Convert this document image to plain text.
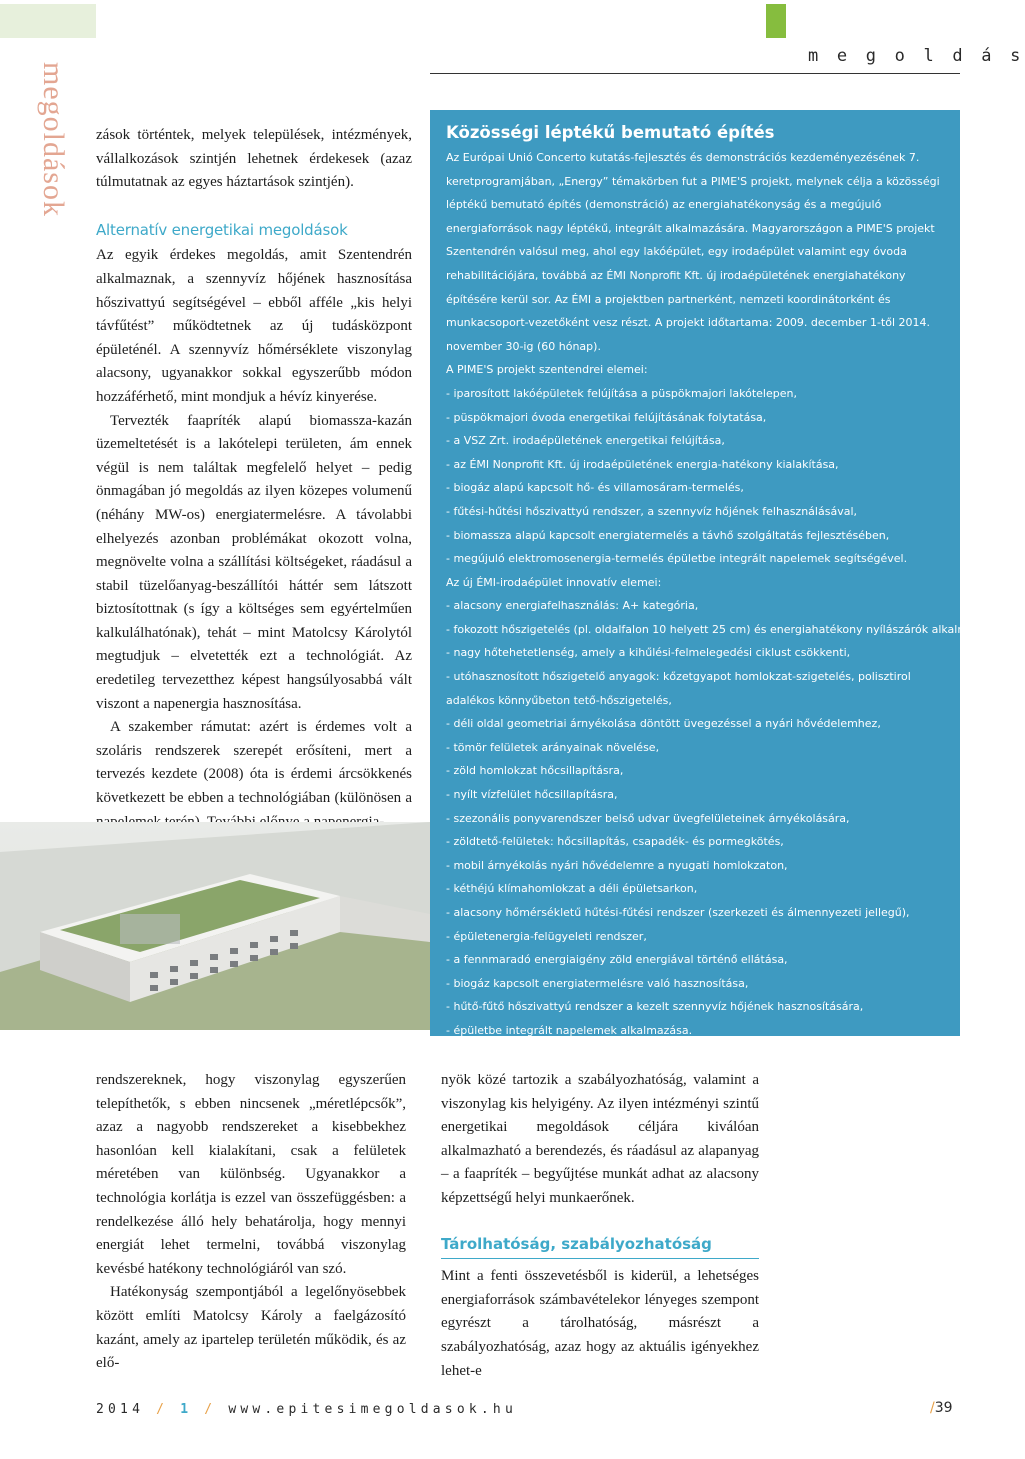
m e g o l d á s
megoldások zások történtek, melyek települések, intézmények, vállalkozások szintjén lehetnek érdekesek (azaz túlmutatnak az egyes háztartások szintjén).

Alternatív energetikai megoldások

Az egyik érdekes megoldás, amit Szentendrén alkalmaznak, a szennyvíz hőjének hasznosítása hőszivattyú segítségével – ebből afféle „kis helyi távfűtést” működtetnek az új tudásközpont épületénél. A szennyvíz hőmérséklete viszonylag alacsony, ugyanakkor sokkal egyszerűbb módon hozzáférhető, mint mondjuk a hévíz kinyerése.

Tervezték faapríték alapú biomassza-kazán üzemeltetését is a lakótelepi területen, ám ennek végül is nem találtak megfelelő helyet – pedig önmagában jó megoldás az ilyen közepes volumenű (néhány MW-os) energiatermelésre. A távolabbi elhelyezés azonban problémákat okozott volna, megnövelte volna a szállítási költségeket, ráadásul a stabil tüzelőanyag-beszállítói háttér sem látszott biztosítottnak (s így a költséges sem egyértelműen kalkulálhatónak), tehát – mint Matolcsy Károlytól megtudjuk – elvetették ezt a technológiát. Az eredetileg tervezetthez képest hangsúlyosabbá vált viszont a napenergia hasznosítása.

A szakember rámutat: azért is érdemes volt a szoláris rendszerek szerepét erősíteni, mert a tervezés kezdete (2008) óta is érdemi árcsökkenés következett be ebben a technológiában (különösen a

Közösségi léptékű bemutató építés

Az Európai Unió Concerto kutatás-fejlesztés és demonstrációs kezdeményezésének 7. keretprogramjában, „Energy” témakörben fut a PIME'S projekt, melynek célja a közösségi léptékű bemutató építés (demonstráció) az energiahatékonyság és a megújuló energiaforrások nagy léptékű, integrált alkalmazására. Magyarországon a PIME'S projekt Szentendrén valósul meg, ahol egy lakóépület, egy irodaépület valamint egy óvoda rehabilitációjára, továbbá az ÉMI Nonprofit Kft. új irodaépületének energiahatékony építésére kerül sor. Az ÉMI a projektben partnerként, nemzeti koordinátorként és munkacsoport-vezetőként vesz részt. A projekt időtartama: 2009. december 1-től 2014. november 30-ig (60 hónap).

A PIME'S projekt szentendrei elemei:

- iparosított lakóépületek felújítása a püspökmajori lakótelepen,

- püspökmajori óvoda energetikai felújításának folytatása,

- a VSZ Zrt. irodaépületének energetikai felújítása,

- az ÉMI Nonprofit Kft. új irodaépületének energia-hatékony kialakítása,

- biogáz alapú kapcsolt hő- és villamosáram-termelés,

- fűtési-hűtési hőszivattyú rendszer, a szennyvíz hőjének felhasználásával,

- biomassza alapú kapcsolt energiatermelés a távhő szolgáltatás fejlesztésében,

- megújuló elektromosenergia-termelés épületbe integrált napelemek segítségével.

Az új ÉMI-irodaépület innovatív elemei:

- alacsony energiafelhasználás: A+ kategória,

- fokozott hőszigetelés (pl. oldalfalon 10 helyett 25 cm) és energiahatékony nyílászárók alkalmazása,

- nagy hőtehetetlenség, amely a kihűlési-felmelegedési ciklust csökkenti,

- utóhasznosított hőszigetelő anyagok: kőzetgyapot homlokzat-szigetelés, polisztirol adalékos könnyűbeton tető-hőszigetelés,

- déli oldal geometriai árnyékolása döntött üvegezéssel a nyári hővédelemhez,

- tömör felületek arányainak növelése,

- zöld homlokzat hőcsillapításra,

- nyílt vízfelület hőcsillapításra,

- szezonális ponyvarendszer belső udvar üvegfelületeinek árnyékolására,

- zöldtető-felületek: hőcsillapítás, csapadék- és pormegkötés,

- mobil árnyékolás nyári hővédelemre a nyugati homlokzaton,

- kéthéjú klímahomlokzat a déli épületsarkon,

- alacsony hőmérsékletű hűtési-fűtési rendszer (szerkezeti és álmennyezeti jellegű),

- épületenergia-felügyeleti rendszer,

- a fennmaradó energiaigény zöld energiával történő ellátása,

- biogáz kapcsolt energiatermelésre való hasznosítása,

- hűtő-fűtő hőszivattyú rendszer a kezelt szennyvíz hőjének hasznosítására,

- épületbe integrált napelemek alkalmazása.

rendszereknek, hogy viszonylag egyszerűen telepíthetők, s ebben nincsenek „méretlépcsők”, azaz a nagyobb rendszereket a kisebbekhez hasonlóan kell kialakítani, csak a felületek méretében van különbség. Ugyanakkor a technológia korlátja is ezzel van összefüggésben: a rendelkezése álló hely behatárolja, hogy mennyi energiát lehet termelni, továbbá viszonylag kevésbé hatékony technológiáról van szó.

Hatékonyság szempontjából a legelőnyösebbek között említi Matolcsy Károly a faelgázosító kazánt, amely az ipartelep területén működik, és az elő-

nyök közé tartozik a szabályozhatóság, valamint a viszonylag kis helyigény. Az ilyen intézményi szintű energetikai megoldások céljára kiválóan alkalmazható a berendezés, és ráadásul az alapanyag – a faapríték – begyűjtése munkát adhat az alacsony képzettségű helyi munkaerőnek.

Tárolhatóság, szabályozhatóság

Mint a fenti összevetésből is kiderül, a lehetséges energiaforrások számbavételekor lényeges szempont egyrészt a tárolhatóság, másrészt a szabályozhatóság, azaz hogy az aktuális igényekhez lehet-e

2014 / 1 / www.epitesimegoldasok.hu	/39
